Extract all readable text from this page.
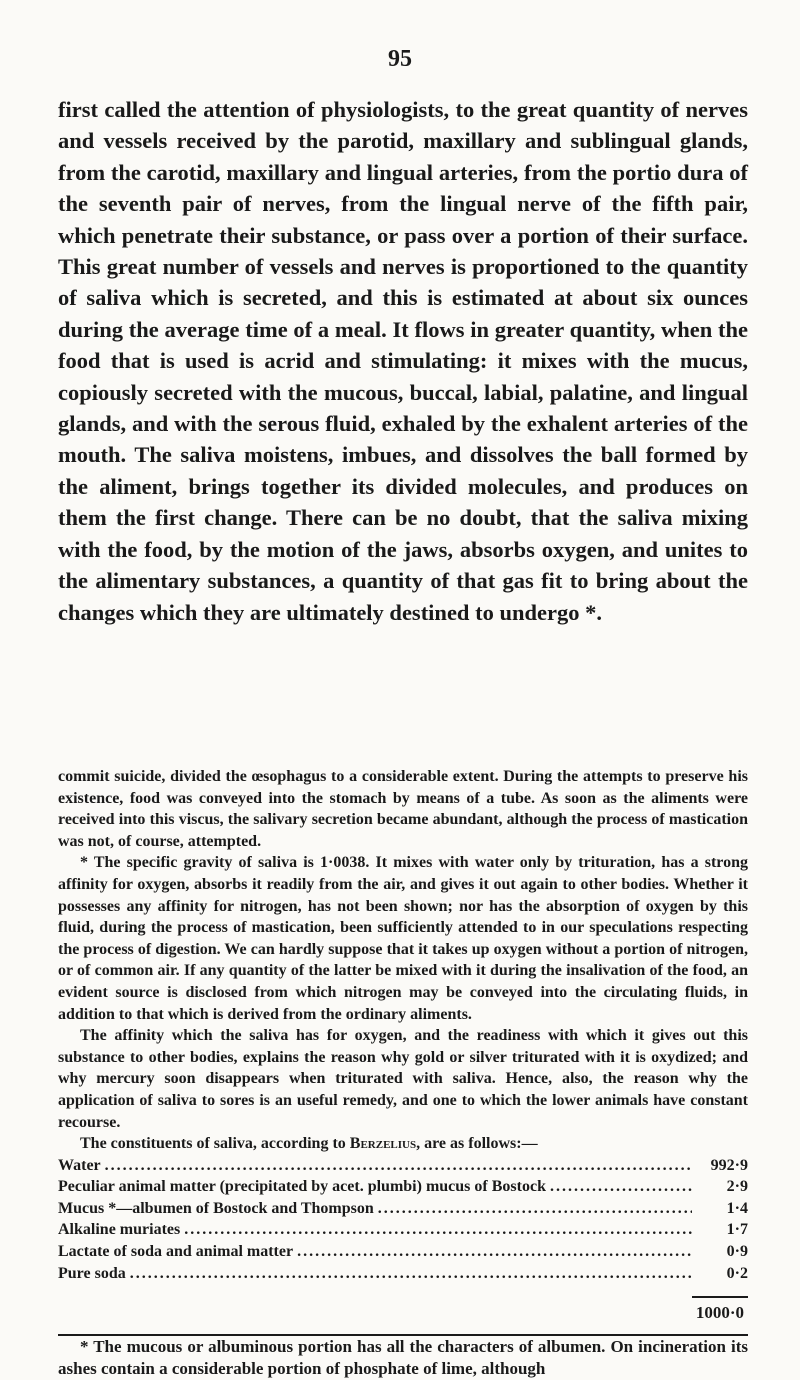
95

first called the attention of physiologists, to the great quantity of nerves and vessels received by the parotid, maxillary and sublingual glands, from the carotid, maxillary and lingual arteries, from the portio dura of the seventh pair of nerves, from the lingual nerve of the fifth pair, which penetrate their substance, or pass over a portion of their surface. This great number of vessels and nerves is proportioned to the quantity of saliva which is secreted, and this is estimated at about six ounces during the average time of a meal. It flows in greater quantity, when the food that is used is acrid and stimulating: it mixes with the mucus, copiously secreted with the mucous, buccal, labial, palatine, and lingual glands, and with the serous fluid, exhaled by the exhalent arteries of the mouth. The saliva moistens, imbues, and dissolves the ball formed by the aliment, brings together its divided molecules, and produces on them the first change. There can be no doubt, that the saliva mixing with the food, by the motion of the jaws, absorbs oxygen, and unites to the alimentary substances, a quantity of that gas fit to bring about the changes which they are ultimately destined to undergo *.

commit suicide, divided the œsophagus to a considerable extent. During the attempts to preserve his existence, food was conveyed into the stomach by means of a tube. As soon as the aliments were received into this viscus, the salivary secretion became abundant, although the process of mastication was not, of course, attempted.

* The specific gravity of saliva is 1·0038. It mixes with water only by trituration, has a strong affinity for oxygen, absorbs it readily from the air, and gives it out again to other bodies. Whether it possesses any affinity for nitrogen, has not been shown; nor has the absorption of oxygen by this fluid, during the process of mastication, been sufficiently attended to in our speculations respecting the process of digestion. We can hardly suppose that it takes up oxygen without a portion of nitrogen, or of common air. If any quantity of the latter be mixed with it during the insalivation of the food, an evident source is disclosed from which nitrogen may be conveyed into the circulating fluids, in addition to that which is derived from the ordinary aliments.

The affinity which the saliva has for oxygen, and the readiness with which it gives out this substance to other bodies, explains the reason why gold or silver triturated with it is oxydized; and why mercury soon disappears when triturated with saliva. Hence, also, the reason why the application of saliva to sores is an useful remedy, and one to which the lower animals have constant recourse.

The constituents of saliva, according to Berzelius, are as follows:—

Water .....	992·9
Peculiar animal matter (precipitated by acet. plumbi) mucus of Bostock .....	2·9
Mucus *—albumen of Bostock and Thompson .....	1·4
Alkaline muriates .....	1·7
Lactate of soda and animal matter .....	0·9
Pure soda .....	0·2
1000·0

* The mucous or albuminous portion has all the characters of albumen. On incineration its ashes contain a considerable portion of phosphate of lime, although
